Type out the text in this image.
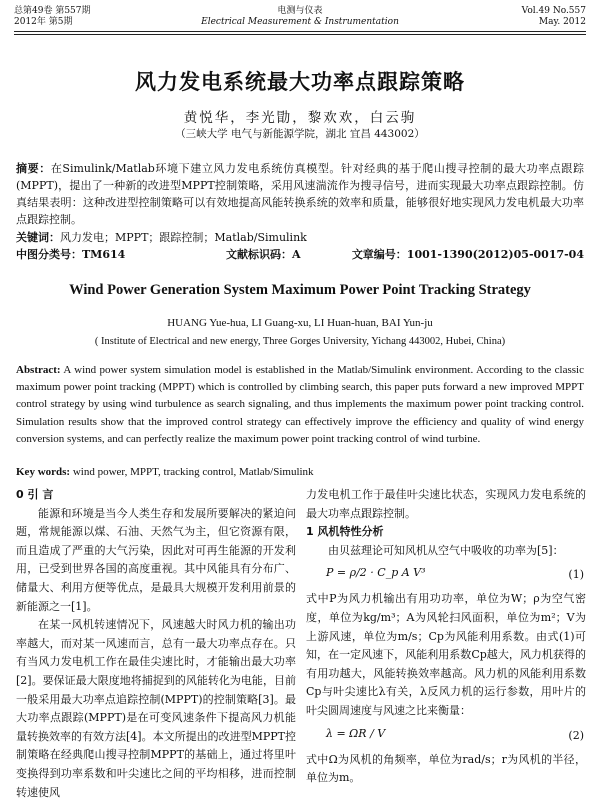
总第49卷 第557期
2012年 第5期
电测与仪表
Electrical Measurement & Instrumentation
Vol.49 No.557
May. 2012
风力发电系统最大功率点跟踪策略
黄悦华，李光勖，黎欢欢，白云驹
（三峡大学 电气与新能源学院，湖北 宜昌 443002）
摘要：在Simulink/Matlab环境下建立风力发电系统仿真模型。针对经典的基于爬山搜寻控制的最大功率点跟踪(MPPT)，提出了一种新的改进型MPPT控制策略，采用风速湍流作为搜寻信号，进而实现最大功率点跟踪控制。仿真结果表明：这种改进型控制策略可以有效地提高风能转换系统的效率和质量，能够很好地实现风力发电机最大功率点跟踪控制。
关键词：风力发电；MPPT；跟踪控制；Matlab/Simulink
中图分类号：TM614	文献标识码：A	文章编号：1001-1390(2012)05-0017-04
Wind Power Generation System Maximum Power Point Tracking Strategy
HUANG Yue-hua, LI Guang-xu, LI Huan-huan, BAI Yun-ju
( Institute of Electrical and new energy, Three Gorges University, Yichang 443002, Hubei, China)
Abstract: A wind power system simulation model is established in the Matlab/Simulink environment. According to the classic maximum power point tracking (MPPT) which is controlled by climbing search, this paper puts forward a new improved MPPT control strategy by using wind turbulence as search signaling, and thus implements the maximum power point tracking control. Simulation results show that the improved control strategy can effectively improve the efficiency and quality of wind energy conversion systems, and can perfectly realize the maximum power point tracking control of wind turbine.
Key words: wind power, MPPT, tracking control, Matlab/Simulink
0 引 言

能源和环境是当今人类生存和发展所要解决的紧迫问题，常规能源以煤、石油、天然气为主，但它资源有限，而且造成了严重的大气污染，因此对可再生能源的开发利用，已受到世界各国的高度重视。其中风能具有分布广、储量大、利用方便等优点，是最具大规模开发利用前景的新能源之一[1]。

在某一风机转速情况下，风速越大时风力机的输出功率越大，而对某一风速而言，总有一最大功率点存在。只有当风力发电机工作在最佳尖速比时，才能输出最大功率[2]。要保证最大限度地将捕捉到的风能转化为电能，目前一般采用最大功率点追踪控制(MPPT)的控制策略[3]。最大功率点跟踪(MPPT)是在可变风速条件下提高风力机能量转换效率的有效方法[4]。本文所提出的改进型MPPT控制策略在经典爬山搜寻控制MPPT的基础上，通过将里叶变换得到功率系数和叶尖速比之间的平均相移，进而控制转速使风

力发电机工作于最佳叶尖速比状态，实现风力发电系统的最大功率点跟踪控制。

1 风机特性分析

由贝兹理论可知风机从空气中吸收的功率为[5]：

P = ρ/2 · C_p A V³	(1)

式中P为风力机输出有用功功率，单位为W；ρ为空气密度，单位为kg/m³；A为风轮扫风面积，单位为m²；V为上游风速，单位为m/s；Cp为风能利用系数。由式(1)可知，在一定风速下，风能利用系数Cp越大，风力机获得的有用功越大，风能转换效率越高。风力机的风能利用系数Cp与叶尖速比λ有关，λ反风力机的运行参数，用叶片的叶尖圆周速度与风速之比来衡量：

λ = ΩR / V	(2)

式中Ω为风机的角频率，单位为rad/s；r为风机的半径，单位为m。
